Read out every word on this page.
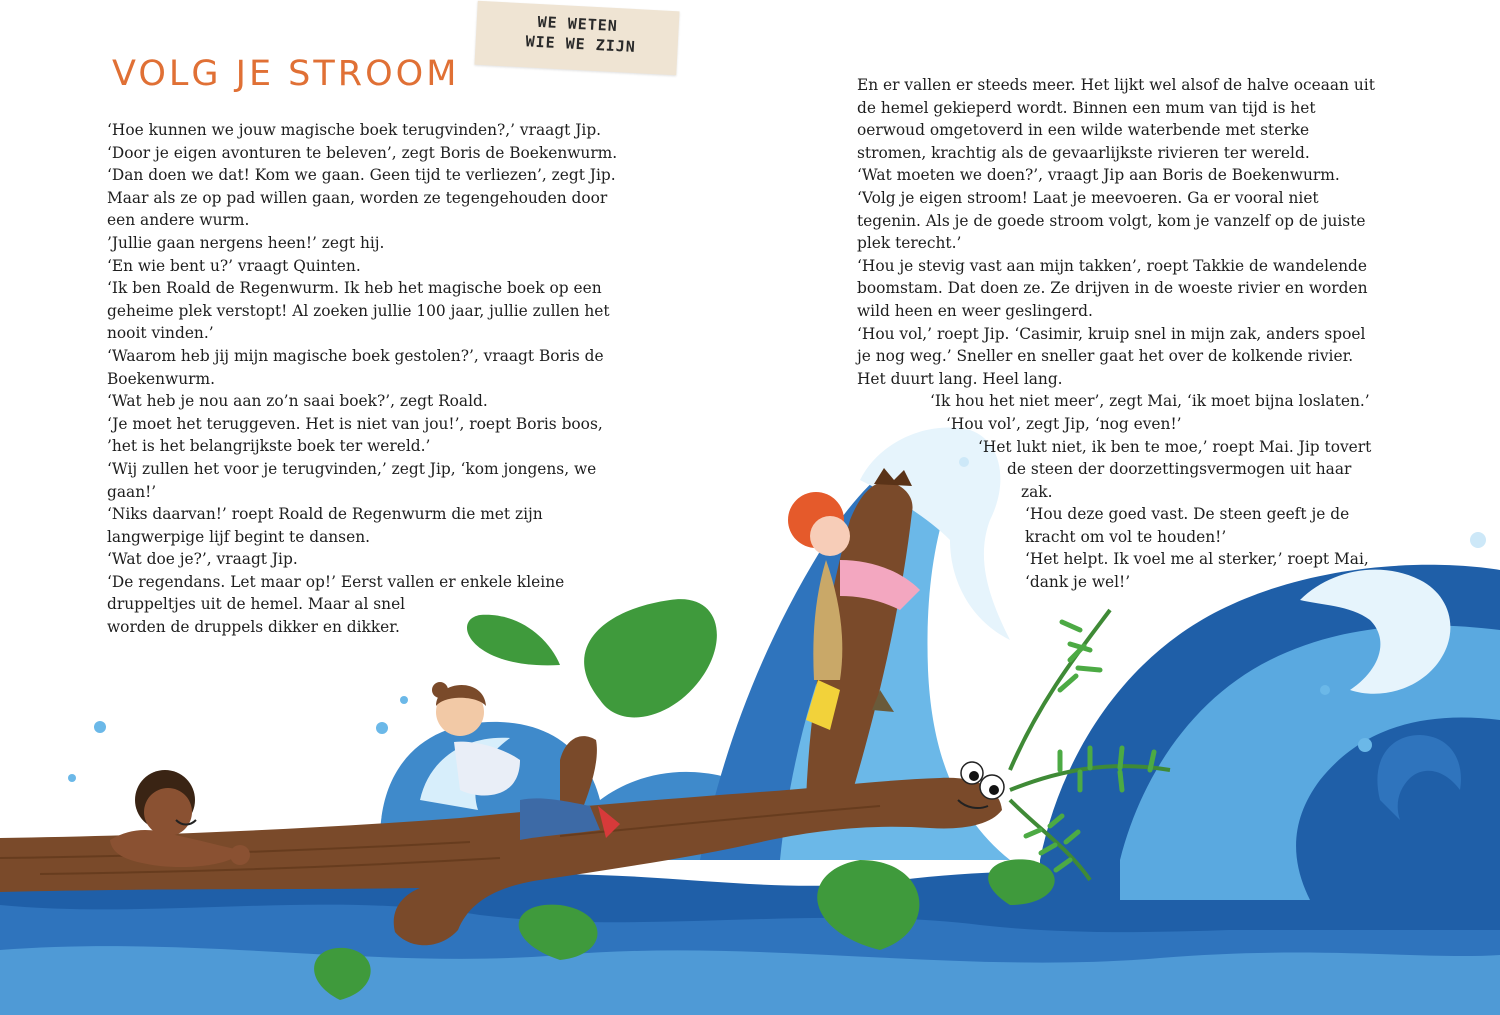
WE WETEN
WIE WE ZIJN
VOLG JE STROOM

‘Hoe kunnen we jouw magische boek terugvinden?,’ vraagt Jip.

‘Door je eigen avonturen te beleven’, zegt Boris de Boekenwurm.

‘Dan doen we dat! Kom we gaan. Geen tijd te verliezen’, zegt Jip.

Maar als ze op pad willen gaan, worden ze tegengehouden door

een andere wurm.

’Jullie gaan nergens heen!’ zegt hij.

‘En wie bent u?’ vraagt Quinten.

‘Ik ben Roald de Regenwurm. Ik heb het magische boek op een

geheime plek verstopt! Al zoeken jullie 100 jaar, jullie zullen het

nooit vinden.’

‘Waarom heb jij mijn magische boek gestolen?’, vraagt Boris de

Boekenwurm.

‘Wat heb je nou aan zo’n saai boek?’, zegt Roald.

‘Je moet het teruggeven. Het is niet van jou!’, roept Boris boos,

’het is het belangrijkste boek ter wereld.’

‘Wij zullen het voor je terugvinden,’ zegt Jip, ‘kom jongens, we

gaan!’

‘Niks daarvan!’ roept Roald de Regenwurm die met zijn

langwerpige lijf begint te dansen.

‘Wat doe je?’, vraagt Jip.

‘De regendans. Let maar op!’ Eerst vallen er enkele kleine

druppeltjes uit de hemel. Maar al snel

worden de druppels dikker en dikker.

En er vallen er steeds meer. Het lijkt wel alsof de halve oceaan uit

de hemel gekieperd wordt. Binnen een mum van tijd is het

oerwoud omgetoverd in een wilde waterbende met sterke

stromen, krachtig als de gevaarlijkste rivieren ter wereld.

‘Wat moeten we doen?’, vraagt Jip aan Boris de Boekenwurm.

‘Volg je eigen stroom! Laat je meevoeren. Ga er vooral niet

tegenin. Als je de goede stroom volgt, kom je vanzelf op de juiste

plek terecht.’

‘Hou je stevig vast aan mijn takken’, roept Takkie de wandelende

boomstam. Dat doen ze. Ze drijven in de woeste rivier en worden

wild heen en weer geslingerd.

‘Hou vol,’ roept Jip. ‘Casimir, kruip snel in mijn zak, anders spoel

je nog weg.’ Sneller en sneller gaat het over de kolkende rivier.

Het duurt lang. Heel lang.

‘Ik hou het niet meer’, zegt Mai, ‘ik moet bijna loslaten.’

‘Hou vol’, zegt Jip, ‘nog even!’

‘Het lukt niet, ik ben te moe,’ roept Mai. Jip tovert

de steen der doorzettingsvermogen uit haar

zak.

‘Hou deze goed vast. De steen geeft je de

kracht om vol te houden!’

‘Het helpt. Ik voel me al sterker,’ roept Mai,

‘dank je wel!’
